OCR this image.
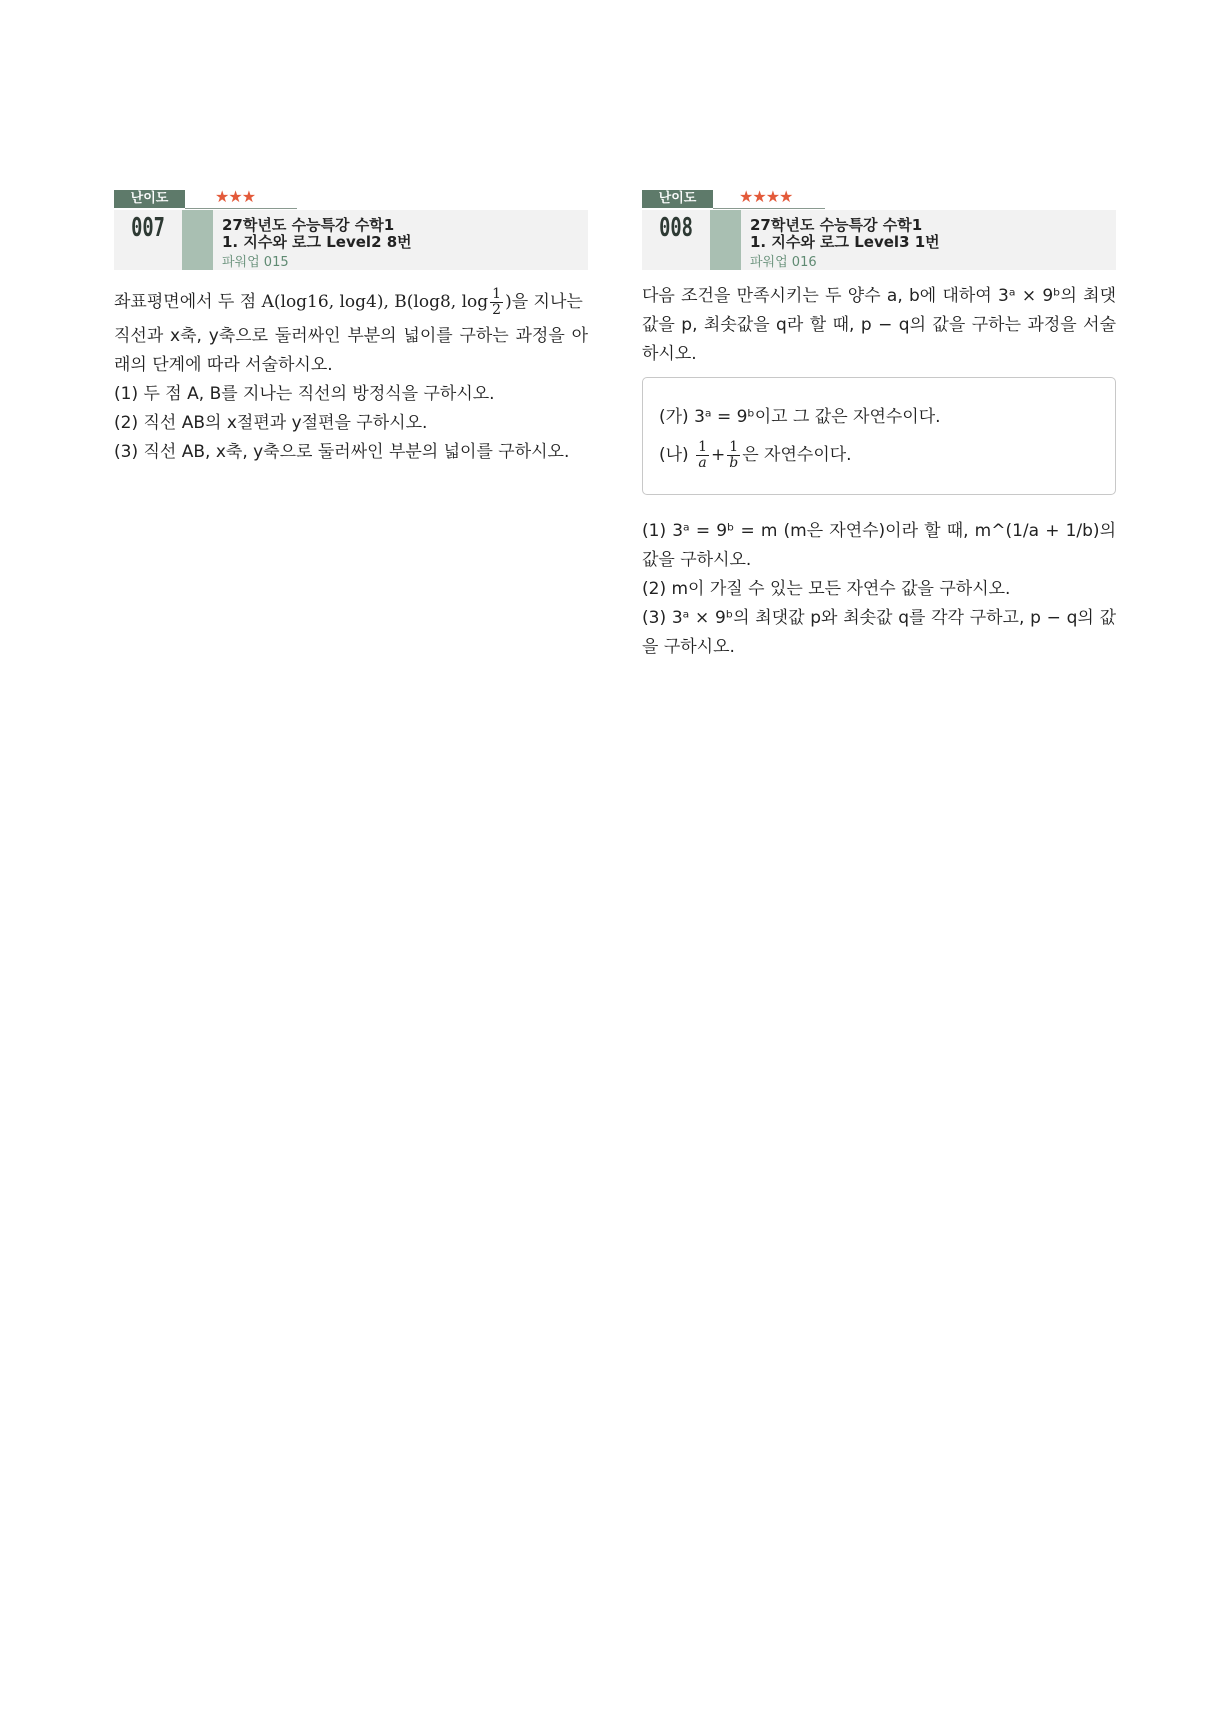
난이도	★★★
007	27학년도 수능특강 수학1
1. 지수와 로그 Level2 8번
파워업 015

좌표평면에서 두 점 A(log16, log4), B(log8, $\log \frac{1}{2}$ )을 지나는

직선과 x축, y축으로 둘러싸인 부분의 넓이를 구하는 과정을 아래의 단계에 따라 서술하시오.

(1) 두 점 A, B를 지나는 직선의 방정식을 구하시오.

(2) 직선 AB의 x절편과 y절편을 구하시오.

(3) 직선 AB, x축, y축으로 둘러싸인 부분의 넓이를 구하시오.

난이도	★★★★
008	27학년도 수능특강 수학1
1. 지수와 로그 Level3 1번
파워업 016

다음 조건을 만족시키는 두 양수 a, b에 대하여 3ᵃ × 9ᵇ의 최댓값을 p, 최솟값을 q라 할 때, p − q의 값을 구하는 과정을 서술하시오.

(가) 3ᵃ = 9ᵇ이고 그 값은 자연수이다.
(나) $\frac{1}{a} + \frac{1}{b}$ 은 자연수이다.

(1) 3ᵃ = 9ᵇ = m (m은 자연수)이라 할 때, m^(1/a + 1/b)의 값을 구하시오.

(2) m이 가질 수 있는 모든 자연수 값을 구하시오.

(3) 3ᵃ × 9ᵇ의 최댓값 p와 최솟값 q를 각각 구하고, p − q의 값을 구하시오.
